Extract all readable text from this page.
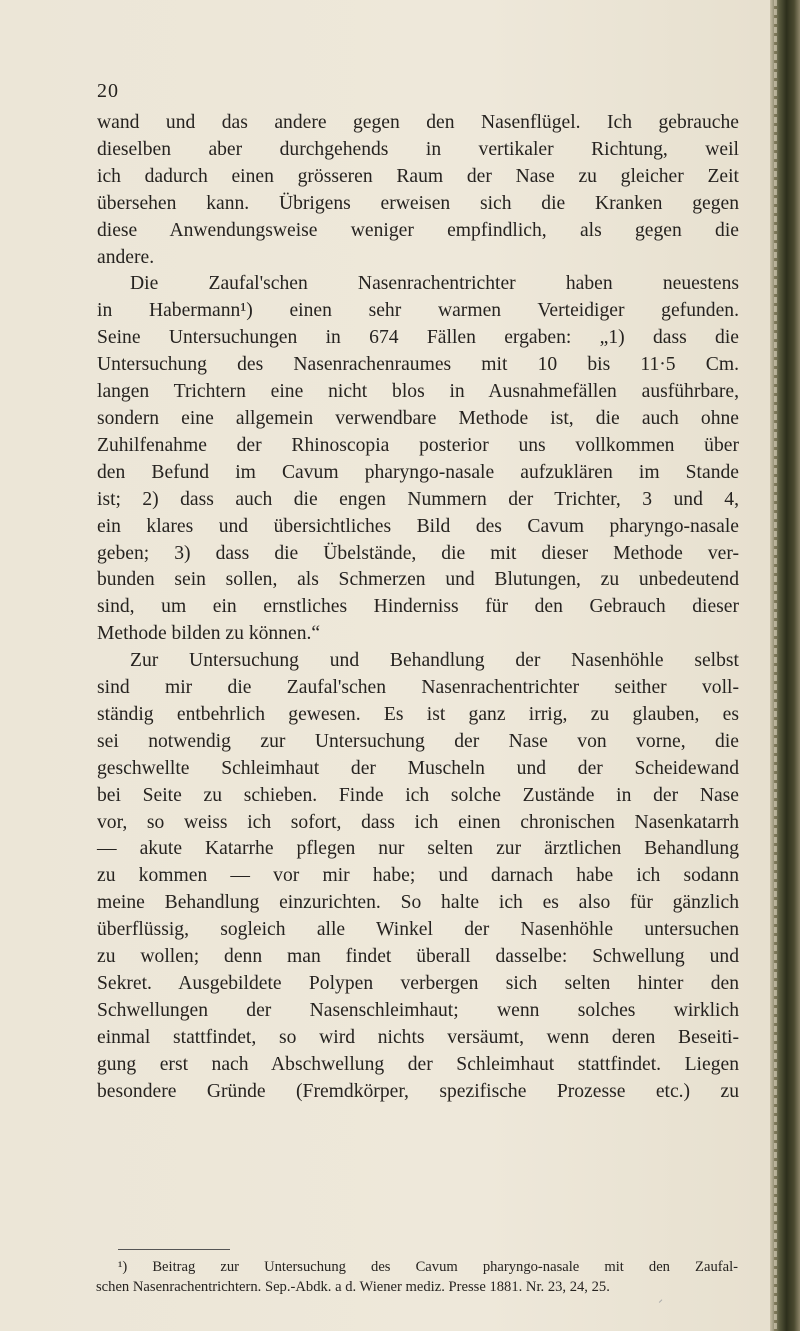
20
wand und das andere gegen den Nasenflügel. Ich gebrauche
dieselben aber durchgehends in vertikaler Richtung, weil
ich dadurch einen grösseren Raum der Nase zu gleicher Zeit
übersehen kann. Übrigens erweisen sich die Kranken gegen
diese Anwendungsweise weniger empfindlich, als gegen die
andere.
Die Zaufal'schen Nasenrachentrichter haben neuestens
in Habermann¹) einen sehr warmen Verteidiger gefunden.
Seine Untersuchungen in 674 Fällen ergaben: „1) dass die
Untersuchung des Nasenrachenraumes mit 10 bis 11·5 Cm.
langen Trichtern eine nicht blos in Ausnahmefällen ausführbare,
sondern eine allgemein verwendbare Methode ist, die auch ohne
Zuhilfenahme der Rhinoscopia posterior uns vollkommen über
den Befund im Cavum pharyngo-nasale aufzuklären im Stande
ist; 2) dass auch die engen Nummern der Trichter, 3 und 4,
ein klares und übersichtliches Bild des Cavum pharyngo-nasale
geben; 3) dass die Übelstände, die mit dieser Methode ver-
bunden sein sollen, als Schmerzen und Blutungen, zu unbedeutend
sind, um ein ernstliches Hinderniss für den Gebrauch dieser
Methode bilden zu können.“
Zur Untersuchung und Behandlung der Nasenhöhle selbst
sind mir die Zaufal'schen Nasenrachentrichter seither voll-
ständig entbehrlich gewesen. Es ist ganz irrig, zu glauben, es
sei notwendig zur Untersuchung der Nase von vorne, die
geschwellte Schleimhaut der Muscheln und der Scheidewand
bei Seite zu schieben. Finde ich solche Zustände in der Nase
vor, so weiss ich sofort, dass ich einen chronischen Nasenkatarrh
— akute Katarrhe pflegen nur selten zur ärztlichen Behandlung
zu kommen — vor mir habe; und darnach habe ich sodann
meine Behandlung einzurichten. So halte ich es also für gänzlich
überflüssig, sogleich alle Winkel der Nasenhöhle untersuchen
zu wollen; denn man findet überall dasselbe: Schwellung und
Sekret. Ausgebildete Polypen verbergen sich selten hinter den
Schwellungen der Nasenschleimhaut; wenn solches wirklich
einmal stattfindet, so wird nichts versäumt, wenn deren Beseiti-
gung erst nach Abschwellung der Schleimhaut stattfindet. Liegen
besondere Gründe (Fremdkörper, spezifische Prozesse etc.) zu
¹) Beitrag zur Untersuchung des Cavum pharyngo-nasale mit den Zaufal-
schen Nasenrachentrichtern. Sep.-Abdk. a d. Wiener mediz. Presse 1881. Nr. 23, 24, 25.
